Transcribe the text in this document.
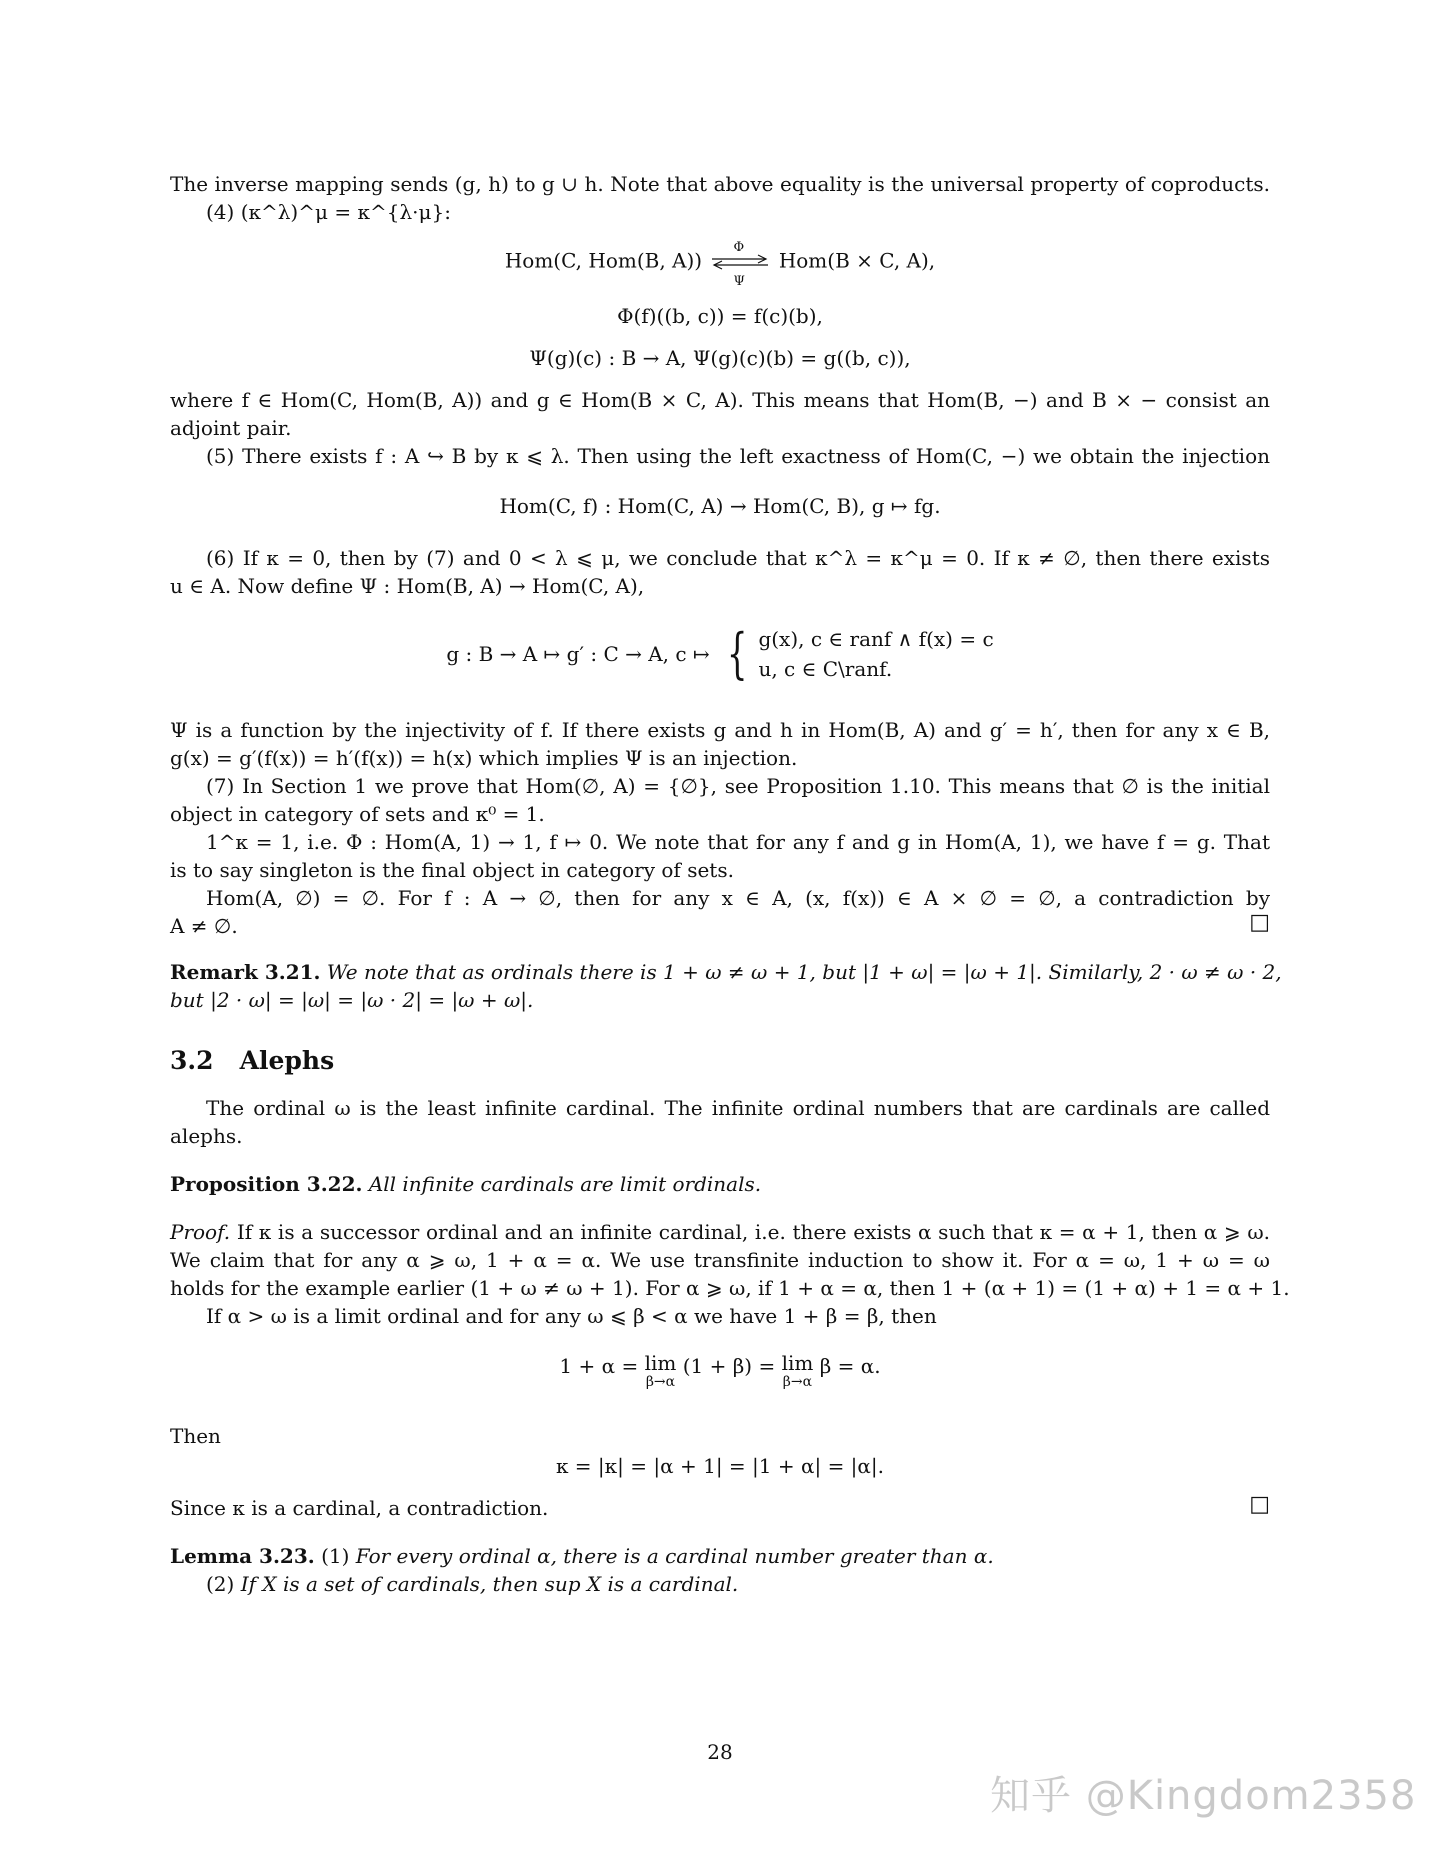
The inverse mapping sends (g, h) to g ∪ h. Note that above equality is the universal property of coproducts.
(4) (κ^λ)^μ = κ^{λ·μ}:
Hom(C, Hom(B, A))
Φ
Ψ
Hom(B × C, A),
Φ(f)((b, c)) = f(c)(b),
Ψ(g)(c) : B → A, Ψ(g)(c)(b) = g((b, c)),
where f ∈ Hom(C, Hom(B, A)) and g ∈ Hom(B × C, A). This means that Hom(B, −) and B × − consist an
adjoint pair.
(5) There exists f : A ↪ B by κ ⩽ λ. Then using the left exactness of Hom(C, −) we obtain the injection
Hom(C, f) : Hom(C, A) → Hom(C, B), g ↦ fg.
(6) If κ = 0, then by (7) and 0 < λ ⩽ μ, we conclude that κ^λ = κ^μ = 0. If κ ≠ ∅, then there exists
u ∈ A. Now define Ψ : Hom(B, A) → Hom(C, A),
g : B → A ↦ g′ : C → A, c ↦ { g(x), c ∈ ranf ∧ f(x) = c
u, c ∈ C\ranf.
Ψ is a function by the injectivity of f. If there exists g and h in Hom(B, A) and g′ = h′, then for any x ∈ B,
g(x) = g′(f(x)) = h′(f(x)) = h(x) which implies Ψ is an injection.
(7) In Section 1 we prove that Hom(∅, A) = {∅}, see Proposition 1.10. This means that ∅ is the initial
object in category of sets and κ⁰ = 1.
1^κ = 1, i.e. Φ : Hom(A, 1) → 1, f ↦ 0. We note that for any f and g in Hom(A, 1), we have f = g. That
is to say singleton is the final object in category of sets.
Hom(A, ∅) = ∅. For f : A → ∅, then for any x ∈ A, (x, f(x)) ∈ A × ∅ = ∅, a contradiction by
A ≠ ∅.	□
Remark 3.21. We note that as ordinals there is 1 + ω ≠ ω + 1, but |1 + ω| = |ω + 1|. Similarly, 2 · ω ≠ ω · 2,
but |2 · ω| = |ω| = |ω · 2| = |ω + ω|.
3.2 Alephs
The ordinal ω is the least infinite cardinal. The infinite ordinal numbers that are cardinals are called
alephs.
Proposition 3.22. All infinite cardinals are limit ordinals.
Proof. If κ is a successor ordinal and an infinite cardinal, i.e. there exists α such that κ = α + 1, then α ⩾ ω.
We claim that for any α ⩾ ω, 1 + α = α. We use transfinite induction to show it. For α = ω, 1 + ω = ω
holds for the example earlier (1 + ω ≠ ω + 1). For α ⩾ ω, if 1 + α = α, then 1 + (α + 1) = (1 + α) + 1 = α + 1.
If α > ω is a limit ordinal and for any ω ⩽ β < α we have 1 + β = β, then
1 + α = lim
β→α
(1 + β) = lim
β→α
β = α.
Then
κ = |κ| = |α + 1| = |1 + α| = |α|.
Since κ is a cardinal, a contradiction.	□
Lemma 3.23. (1) For every ordinal α, there is a cardinal number greater than α.
(2) If X is a set of cardinals, then sup X is a cardinal.
28
知乎 @Kingdom2358
